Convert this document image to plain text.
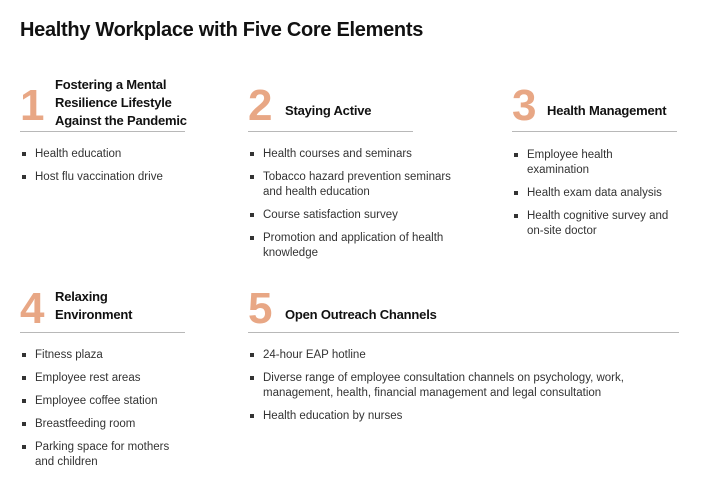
Healthy Workplace with Five Core Elements
1 Fostering a Mental
Resilience Lifestyle
Against the Pandemic
Health education
Host flu vaccination drive
2 Staying Active
Health courses and seminars
Tobacco hazard prevention seminars and health education
Course satisfaction survey
Promotion and application of health knowledge
3 Health Management
Employee health examination
Health exam data analysis
Health cognitive survey and on-site doctor
4 Relaxing
Environment
Fitness plaza
Employee rest areas
Employee coffee station
Breastfeeding room
Parking space for mothers and children
5 Open Outreach Channels
24-hour EAP hotline
Diverse range of employee consultation channels on psychology, work, management, health, financial management and legal consultation
Health education by nurses
